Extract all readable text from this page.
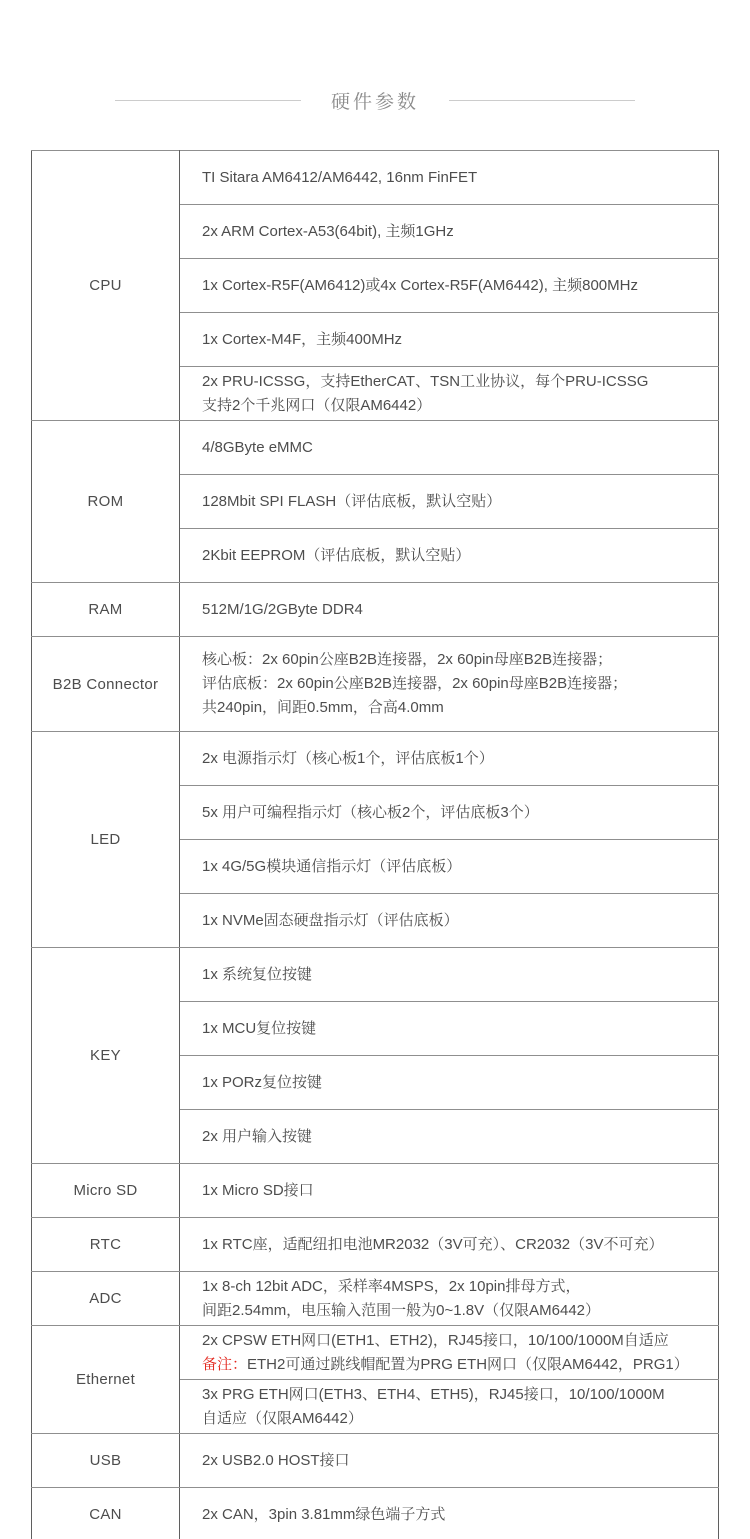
硬件参数
CPU	TI Sitara AM6412/AM6442, 16nm FinFET

	2x ARM Cortex-A53(64bit), 主频1GHz

	1x Cortex-R5F(AM6412)或4x Cortex-R5F(AM6442), 主频800MHz

	1x Cortex-M4F，主频400MHz

	2x PRU-ICSSG，支持EtherCAT、TSN工业协议，每个PRU-ICSSG
支持2个千兆网口（仅限AM6442）

ROM	4/8GByte eMMC

	128Mbit SPI FLASH（评估底板，默认空贴）

	2Kbit EEPROM（评估底板，默认空贴）

RAM	512M/1G/2GByte DDR4

B2B Connector	核心板：2x 60pin公座B2B连接器，2x 60pin母座B2B连接器；
评估底板：2x 60pin公座B2B连接器，2x 60pin母座B2B连接器；
共240pin，间距0.5mm，合高4.0mm

LED	2x 电源指示灯（核心板1个，评估底板1个）

	5x 用户可编程指示灯（核心板2个，评估底板3个）

	1x 4G/5G模块通信指示灯（评估底板）

	1x NVMe固态硬盘指示灯（评估底板）

KEY	1x 系统复位按键

	1x MCU复位按键

	1x PORz复位按键

	2x 用户输入按键

Micro SD	1x Micro SD接口

RTC	1x RTC座，适配纽扣电池MR2032（3V可充）、CR2032（3V不可充）

ADC	1x 8-ch 12bit ADC，采样率4MSPS，2x 10pin排母方式，
间距2.54mm，电压输入范围一般为0~1.8V（仅限AM6442）

Ethernet	2x CPSW ETH网口(ETH1、ETH2)，RJ45接口，10/100/1000M自适应
备注：ETH2可通过跳线帽配置为PRG ETH网口（仅限AM6442，PRG1）

	3x PRG ETH网口(ETH3、ETH4、ETH5)，RJ45接口，10/100/1000M
自适应（仅限AM6442）

USB	2x USB2.0 HOST接口

CAN	2x CAN，3pin 3.81mm绿色端子方式
